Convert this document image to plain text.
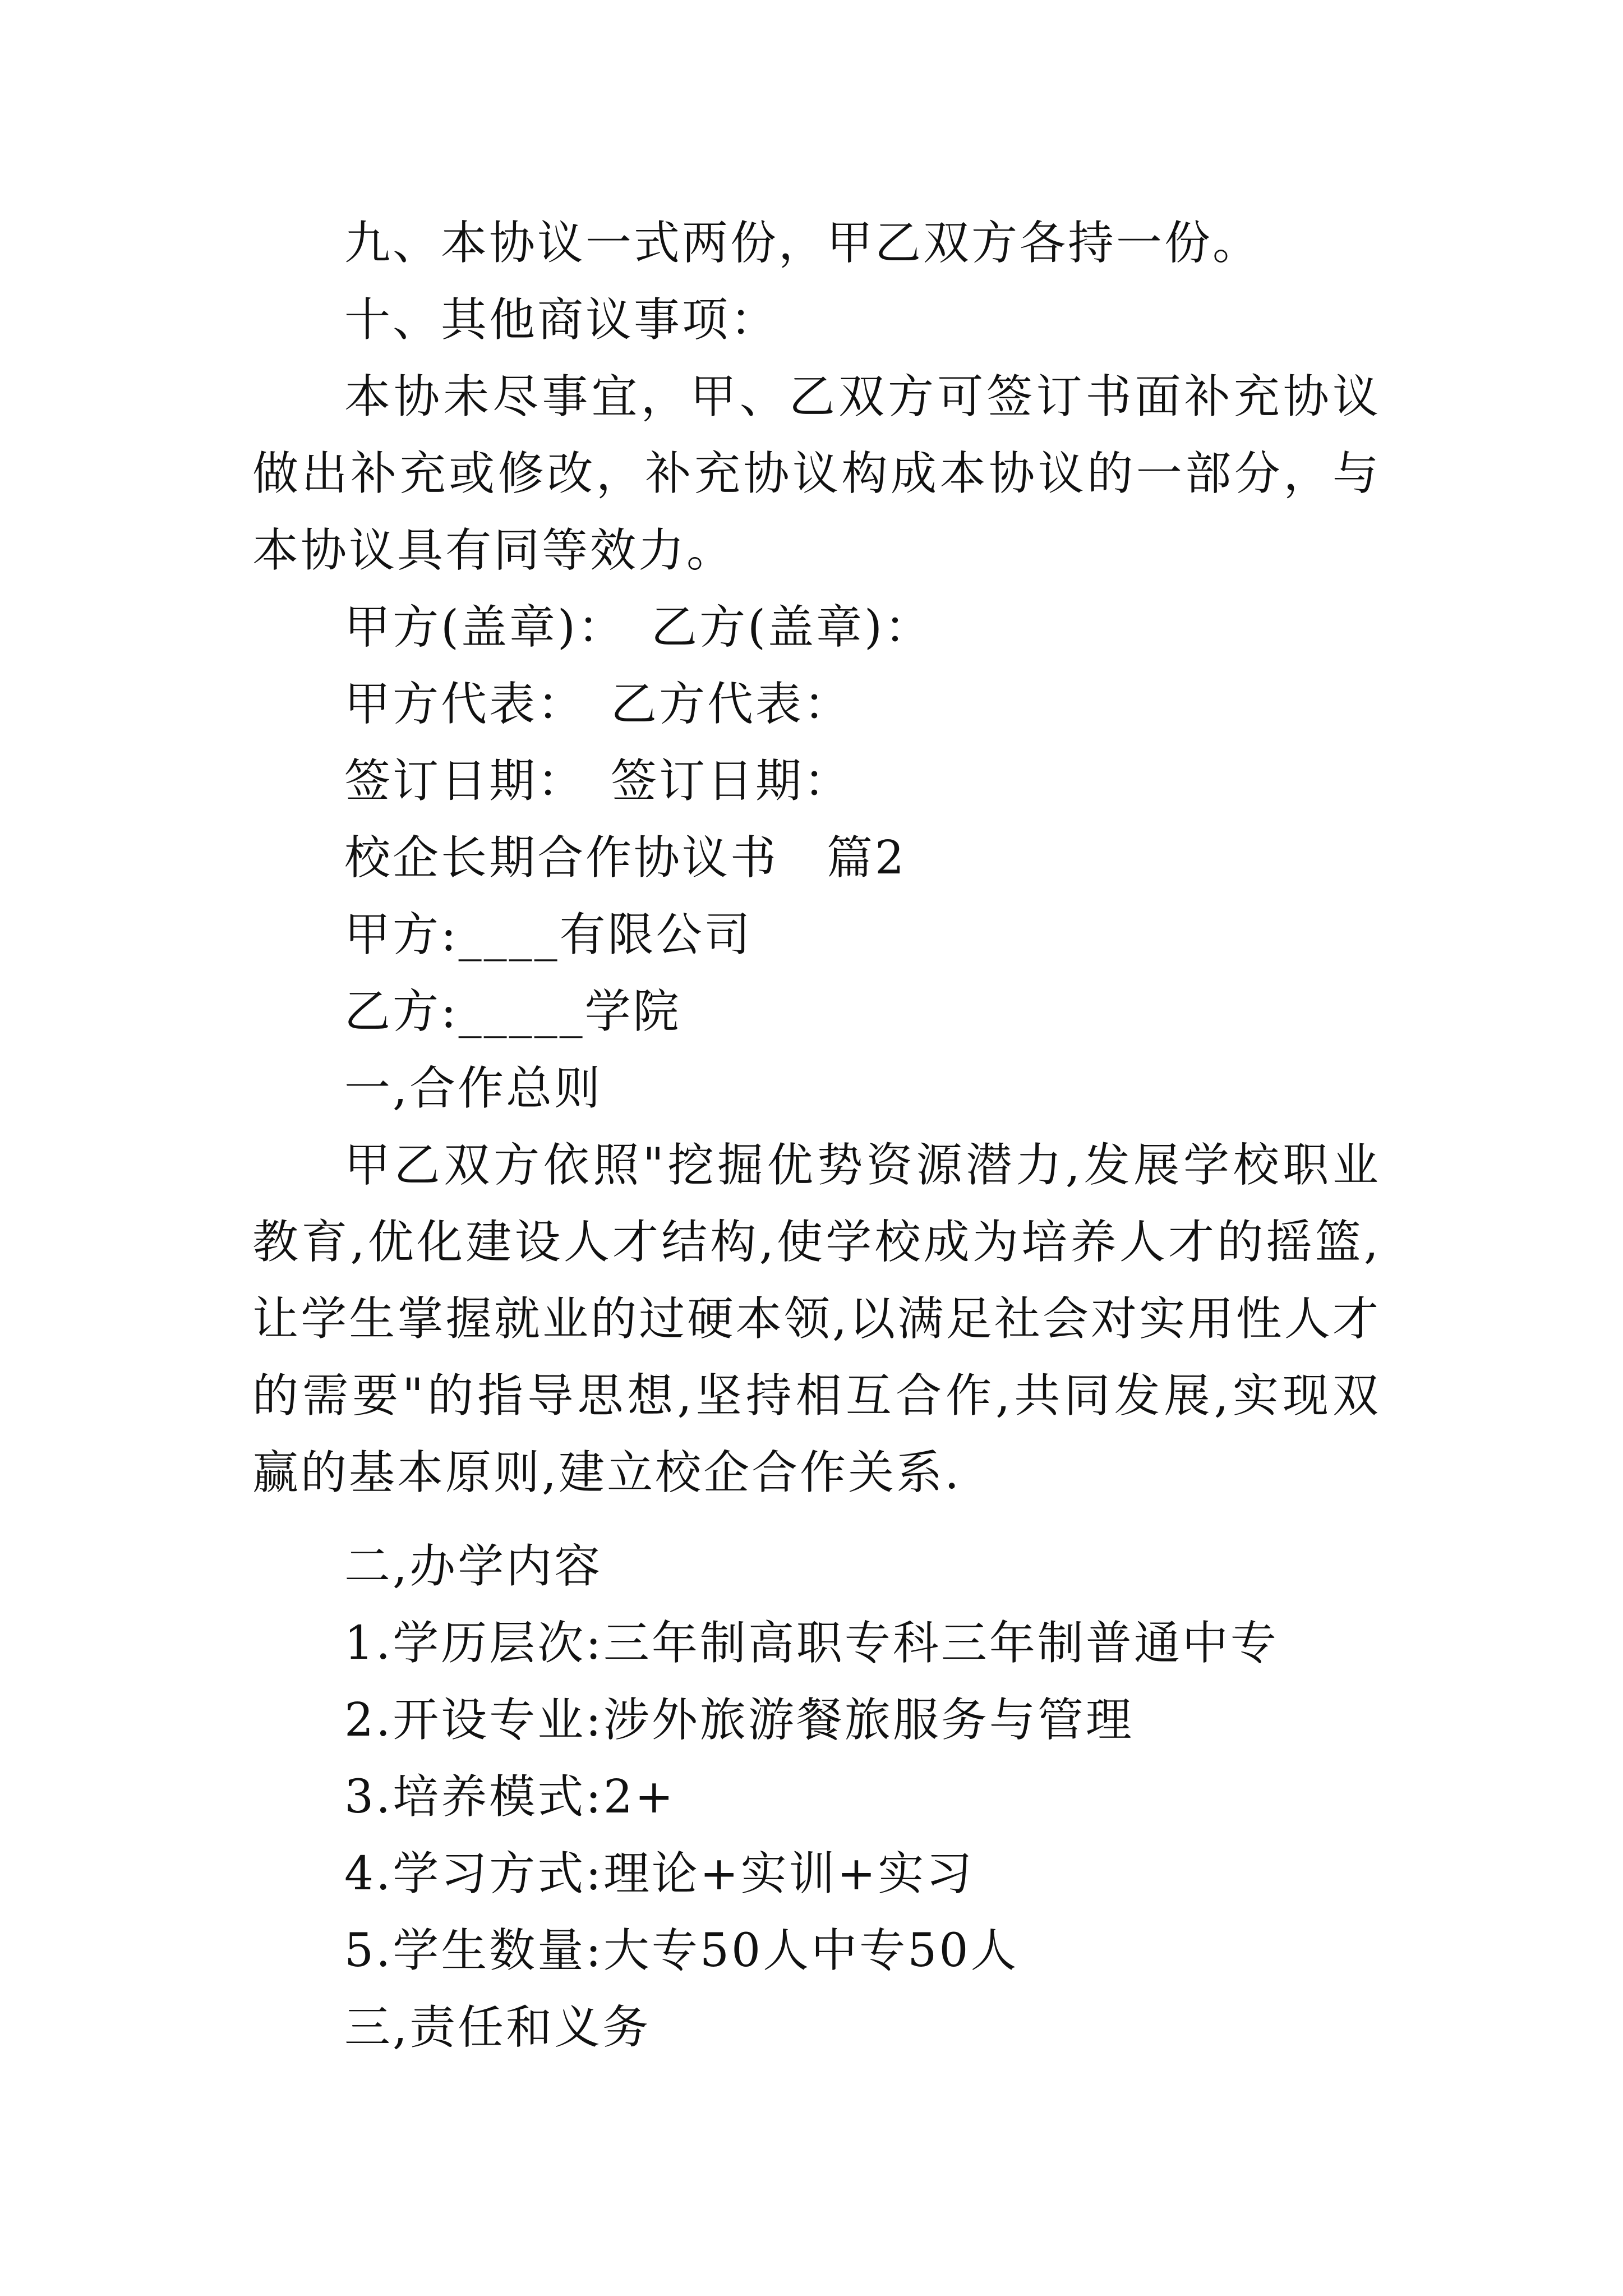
九、本协议一式两份，甲乙双方各持一份。

十、其他商议事项：

本协未尽事宜，甲、乙双方可签订书面补充协议做出补充或修改，补充协议构成本协议的一部分，与本协议具有同等效力。

甲方(盖章)：　乙方(盖章)：

甲方代表：　乙方代表：

签订日期：　签订日期：

校企长期合作协议书　篇2

甲方:____有限公司

乙方:_____学院

一,合作总则

甲乙双方依照"挖掘优势资源潜力,发展学校职业教育,优化建设人才结构,使学校成为培养人才的摇篮,让学生掌握就业的过硬本领,以满足社会对实用性人才的需要"的指导思想,坚持相互合作,共同发展,实现双赢的基本原则,建立校企合作关系.

二,办学内容

1.学历层次:三年制高职专科三年制普通中专

2.开设专业:涉外旅游餐旅服务与管理

3.培养模式:2+

4.学习方式:理论+实训+实习

5.学生数量:大专50人中专50人

三,责任和义务
